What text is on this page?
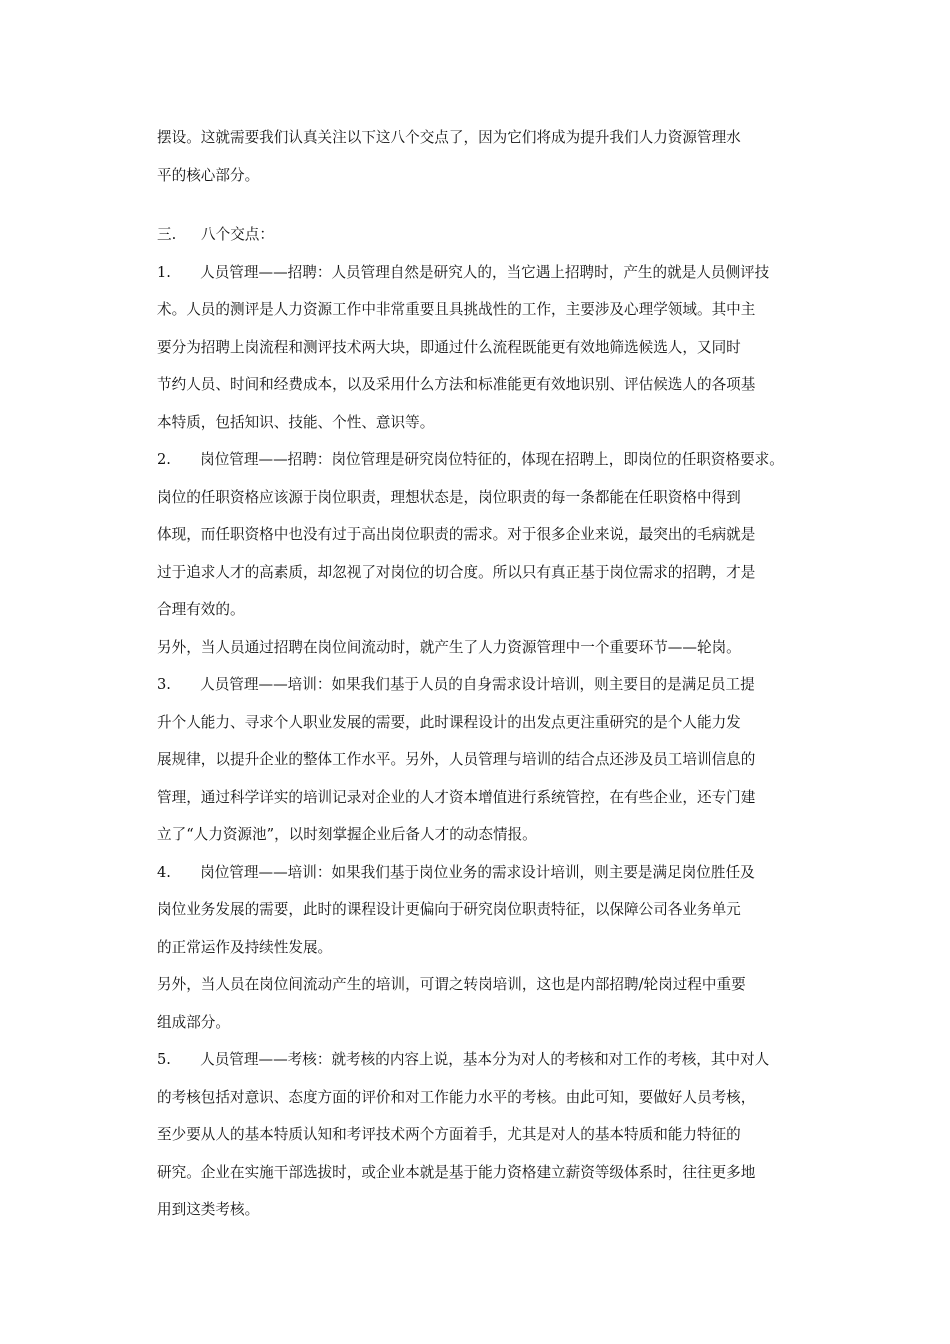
摆设。这就需要我们认真关注以下这八个交点了，因为它们将成为提升我们人力资源管理水
平的核心部分。
三. 八个交点：
1.　　人员管理——招聘：人员管理自然是研究人的，当它遇上招聘时，产生的就是人员侧评技
术。人员的测评是人力资源工作中非常重要且具挑战性的工作，主要涉及心理学领域。其中主
要分为招聘上岗流程和测评技术两大块，即通过什么流程既能更有效地筛选候选人，又同时
节约人员、时间和经费成本，以及采用什么方法和标准能更有效地识别、评估候选人的各项基
本特质，包括知识、技能、个性、意识等。
2.　　岗位管理——招聘：岗位管理是研究岗位特征的，体现在招聘上，即岗位的任职资格要求。
岗位的任职资格应该源于岗位职责，理想状态是，岗位职责的每一条都能在任职资格中得到
体现，而任职资格中也没有过于高出岗位职责的需求。对于很多企业来说，最突出的毛病就是
过于追求人才的高素质，却忽视了对岗位的切合度。所以只有真正基于岗位需求的招聘，才是
合理有效的。
另外，当人员通过招聘在岗位间流动时，就产生了人力资源管理中一个重要环节——轮岗。
3.　　人员管理——培训：如果我们基于人员的自身需求设计培训，则主要目的是满足员工提
升个人能力、寻求个人职业发展的需要，此时课程设计的出发点更注重研究的是个人能力发
展规律，以提升企业的整体工作水平。另外，人员管理与培训的结合点还涉及员工培训信息的
管理，通过科学详实的培训记录对企业的人才资本增值进行系统管控，在有些企业，还专门建
立了“人力资源池”，以时刻掌握企业后备人才的动态情报。
4.　　岗位管理——培训：如果我们基于岗位业务的需求设计培训，则主要是满足岗位胜任及
岗位业务发展的需要，此时的课程设计更偏向于研究岗位职责特征，以保障公司各业务单元
的正常运作及持续性发展。
另外，当人员在岗位间流动产生的培训，可谓之转岗培训，这也是内部招聘/轮岗过程中重要
组成部分。
5.　　人员管理——考核：就考核的内容上说，基本分为对人的考核和对工作的考核，其中对人
的考核包括对意识、态度方面的评价和对工作能力水平的考核。由此可知，要做好人员考核，
至少要从人的基本特质认知和考评技术两个方面着手，尤其是对人的基本特质和能力特征的
研究。企业在实施干部选拔时，或企业本就是基于能力资格建立薪资等级体系时，往往更多地
用到这类考核。
